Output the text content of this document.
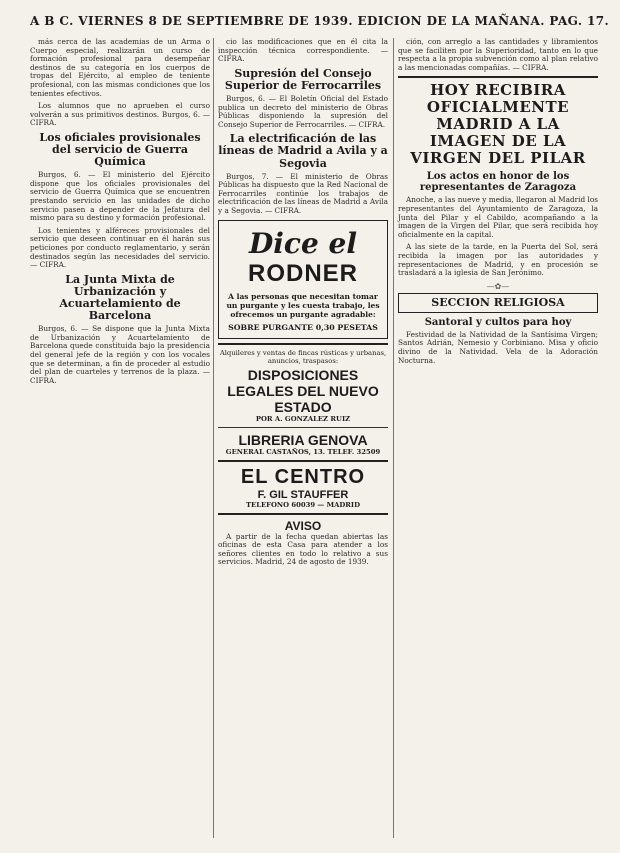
A B C. VIERNES 8 DE SEPTIEMBRE DE 1939. EDICION DE LA MAÑANA. PAG. 17.

más cerca de las academias de un Arma o Cuerpo especial, realizarán un curso de formación profesional para desempeñar destinos de su categoría en los cuerpos de tropas del Ejército, al empleo de teniente profesional, con las mismas condiciones que los tenientes efectivos.

Los alumnos que no aprueben el curso volverán a sus primitivos destinos. Burgos, 6. — CIFRA.

Los oficiales provisionales del servicio de Guerra Química

Burgos, 6. — El ministerio del Ejército dispone que los oficiales provisionales del servicio de Guerra Química que se encuentren prestando servicio en las unidades de dicho servicio pasen a depender de la Jefatura del mismo para su destino y formación profesional.

Los tenientes y alféreces provisionales del servicio que deseen continuar en él harán sus peticiones por conducto reglamentario, y serán destinados según las necesidades del servicio. — CIFRA.

La Junta Mixta de Urbanización y Acuartelamiento de Barcelona

Burgos, 6. — Se dispone que la Junta Mixta de Urbanización y Acuartelamiento de Barcelona quede constituida bajo la presidencia del general jefe de la región y con los vocales que se determinan, a fin de proceder al estudio del plan de cuarteles y terrenos de la plaza. — CIFRA.

cio las modificaciones que en él cita la inspección técnica correspondiente. — CIFRA.

Supresión del Consejo Superior de Ferrocarriles

Burgos, 6. — El Boletín Oficial del Estado publica un decreto del ministerio de Obras Públicas disponiendo la supresión del Consejo Superior de Ferrocarriles. — CIFRA.

La electrificación de las líneas de Madrid a Avila y a Segovia

Burgos, 7. — El ministerio de Obras Públicas ha dispuesto que la Red Nacional de Ferrocarriles continúe los trabajos de electrificación de las líneas de Madrid a Avila y a Segovia. — CIFRA.

Dice el
RODNER
A las personas que necesitan tomar un purgante y les cuesta trabajo, les ofrecemos un purgante agradable:
SOBRE PURGANTE 0,30 PESETAS
Alquileres y ventas de fincas rústicas y urbanas, anuncios, traspasos:
DISPOSICIONES LEGALES DEL NUEVO ESTADO
POR A. GONZALEZ RUIZ
LIBRERIA GENOVA
GENERAL CASTAÑOS, 13. TELEF. 32509
EL CENTRO
F. GIL STAUFFER
TELEFONO 60039 — MADRID
AVISO

A partir de la fecha quedan abiertas las oficinas de esta Casa para atender a los señores clientes en todo lo relativo a sus servicios. Madrid, 24 de agosto de 1939.

ción, con arreglo a las cantidades y libramientos que se faciliten por la Superioridad, tanto en lo que respecta a la propia subvención como al plan relativo a las mencionadas compañías. — CIFRA.

HOY RECIBIRA OFICIALMENTE MADRID A LA IMAGEN DE LA VIRGEN DEL PILAR
Los actos en honor de los representantes de Zaragoza

Anoche, a las nueve y media, llegaron al Madrid los representantes del Ayuntamiento de Zaragoza, la Junta del Pilar y el Cabildo, acompañando a la imagen de la Virgen del Pilar, que será recibida hoy oficialmente en la capital.

A las siete de la tarde, en la Puerta del Sol, será recibida la imagen por las autoridades y representaciones de Madrid, y en procesión se trasladará a la iglesia de San Jerónimo.

—✿—
SECCION RELIGIOSA
Santoral y cultos para hoy

Festividad de la Natividad de la Santísima Virgen; Santos Adrián, Nemesio y Corbiniano. Misa y oficio divino de la Natividad. Vela de la Adoración Nocturna.
